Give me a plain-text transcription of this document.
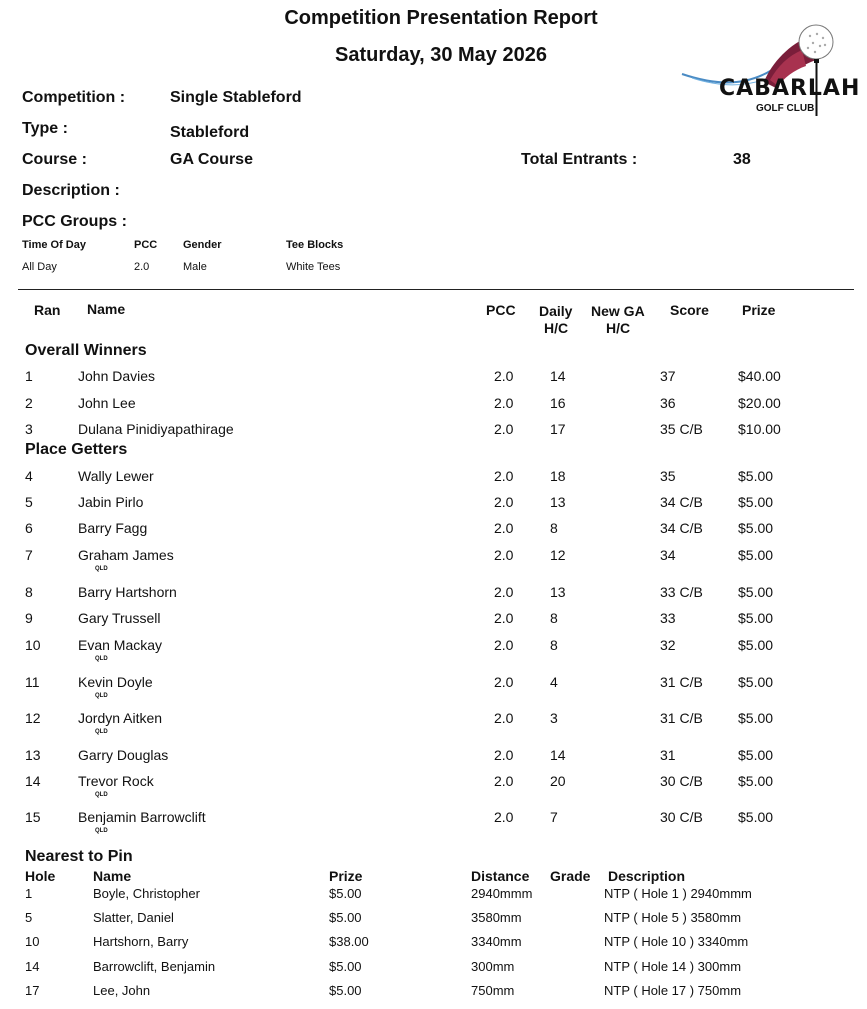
Competition Presentation Report
Saturday, 30 May 2026
CABARLAH
GOLF CLUB
Competition :	Single Stableford
Type :	Stableford
Course :	GA Course	Total Entrants :	38
Description :
PCC Groups :
Time Of Day	PCC Gender	Tee Blocks
All Day	2.0	Male	White Tees
Ran Name	PCC Daily
H/C
New GA
H/C
Score Prize
Overall Winners
1	John Davies	2.0	14	37	$40.00
2	John Lee	2.0	16	36	$20.00
3	Dulana Pinidiyapathirage	2.0	17	35 C/B	$10.00
Place Getters
4	Wally Lewer	2.0	18	35	$5.00
5	Jabin Pirlo	2.0	13	34 C/B	$5.00
6	Barry Fagg	2.0	8	34 C/B	$5.00
7	Graham James	2.0	12	34	$5.00
QLD
8	Barry Hartshorn	2.0	13	33 C/B	$5.00
9	Gary Trussell	2.0	8	33	$5.00
10	Evan Mackay	2.0	8	32	$5.00
QLD
11	Kevin Doyle	2.0	4	31 C/B	$5.00
QLD
12	Jordyn Aitken	2.0	3	31 C/B	$5.00
QLD
13	Garry Douglas	2.0	14	31	$5.00
14	Trevor Rock	2.0	20	30 C/B	$5.00
QLD
15	Benjamin Barrowclift	2.0	7	30 C/B	$5.00
QLD
Nearest to Pin
Hole	Name	Prize	Distance Grade Description
1	Boyle, Christopher	$5.00	2940mmm	NTP ( Hole 1 ) 2940mmm
5	Slatter, Daniel	$5.00	3580mm	NTP ( Hole 5 ) 3580mm
10	Hartshorn, Barry	$38.00	3340mm	NTP ( Hole 10 ) 3340mm
14	Barrowclift, Benjamin	$5.00	300mm	NTP ( Hole 14 ) 300mm
17	Lee, John	$5.00	750mm	NTP ( Hole 17 ) 750mm
